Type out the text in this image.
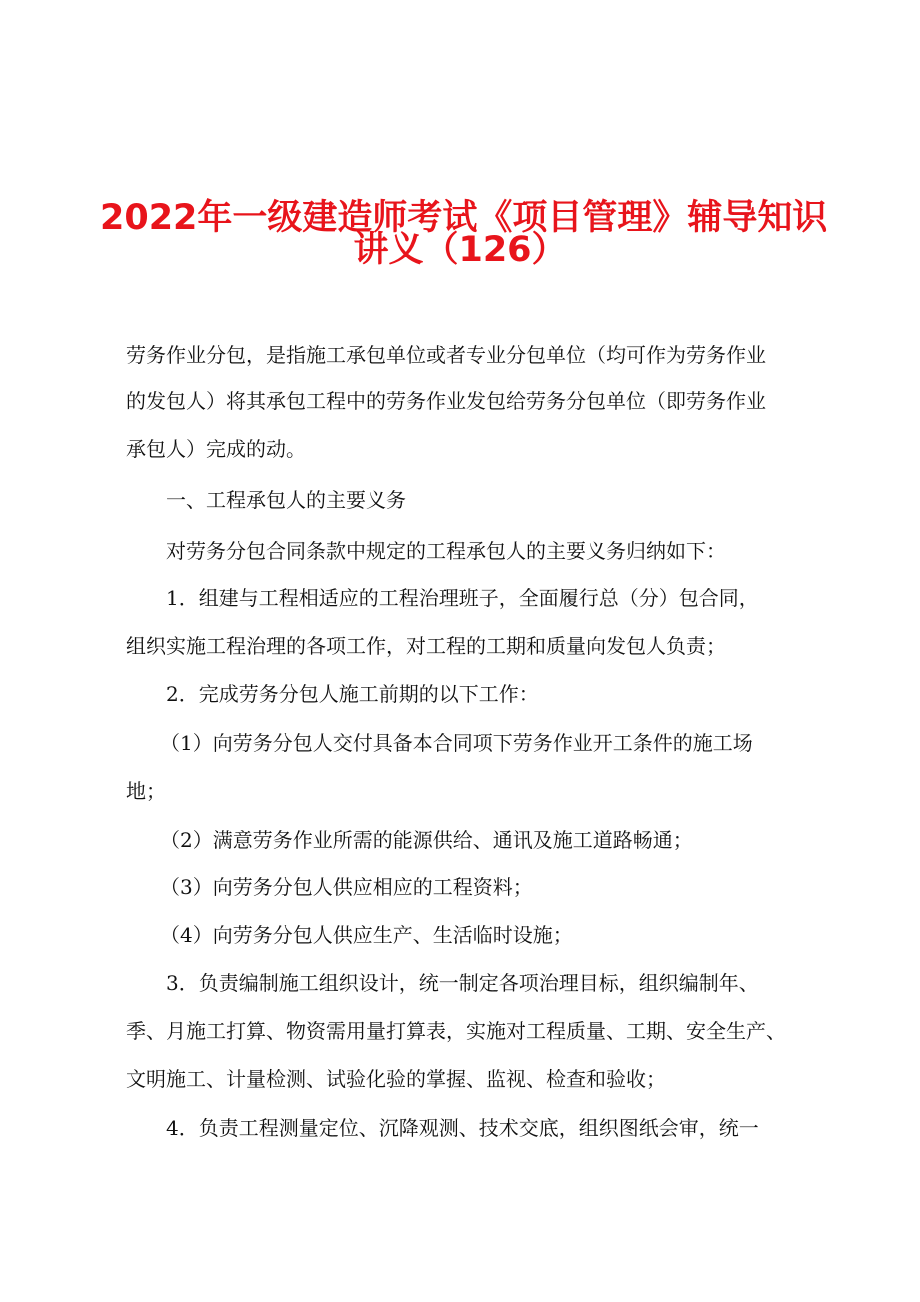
2022年一级建造师考试《项目管理》辅导知识
讲义（126）
劳务作业分包，是指施工承包单位或者专业分包单位（均可作为劳务作业
的发包人）将其承包工程中的劳务作业发包给劳务分包单位（即劳务作业
承包人）完成的动。
一、工程承包人的主要义务
对劳务分包合同条款中规定的工程承包人的主要义务归纳如下：
1．组建与工程相适应的工程治理班子，全面履行总（分）包合同，
组织实施工程治理的各项工作，对工程的工期和质量向发包人负责；
2．完成劳务分包人施工前期的以下工作：
（1）向劳务分包人交付具备本合同项下劳务作业开工条件的施工场
地；
（2）满意劳务作业所需的能源供给、通讯及施工道路畅通；
（3）向劳务分包人供应相应的工程资料；
（4）向劳务分包人供应生产、生活临时设施；
3．负责编制施工组织设计，统一制定各项治理目标，组织编制年、
季、月施工打算、物资需用量打算表，实施对工程质量、工期、安全生产、
文明施工、计量检测、试验化验的掌握、监视、检查和验收；
4．负责工程测量定位、沉降观测、技术交底，组织图纸会审，统一
